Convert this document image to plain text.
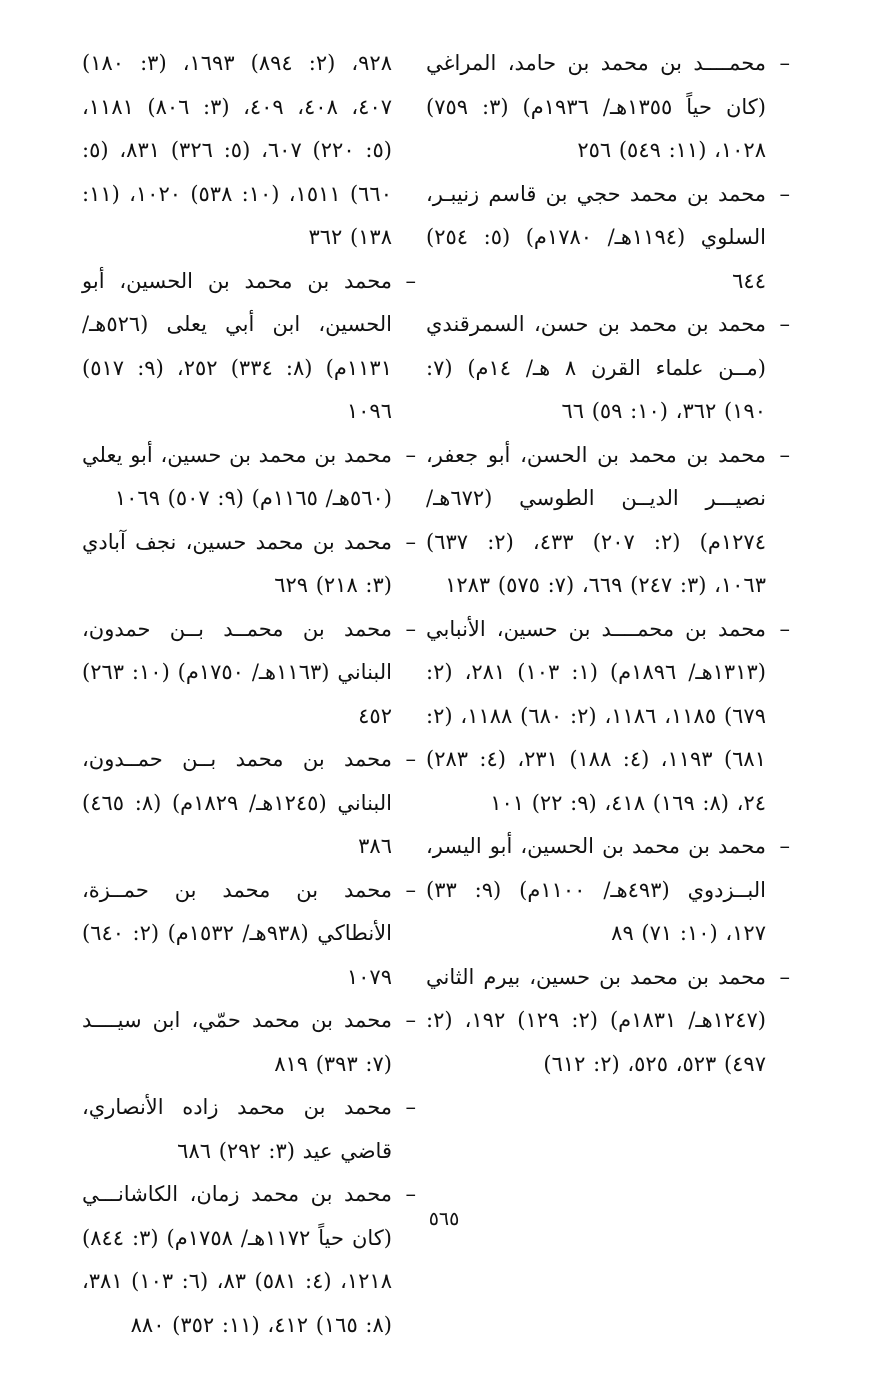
–
محمــــد بن محمد بن حامد، المراغي (كان حياً ١٣٥٥هـ/ ١٩٣٦م) (٣: ٧٥٩) ١٠٢٨، (١١: ٥٤٩) ٢٥٦
–
محمد بن محمد حجي بن قاسم زنيبـر، السلوي (١١٩٤هـ/ ١٧٨٠م) (٥: ٢٥٤) ٦٤٤
–
محمد بن محمد بن حسن، السمرقندي (مــن علماء القرن ٨ هـ/ ١٤م) (٧: ١٩٠) ٣٦٢، (١٠: ٥٩) ٦٦
–
محمد بن محمد بن الحسن، أبو جعفر، نصيـــر الديــن الطوسي (٦٧٢هـ/ ١٢٧٤م) (٢: ٢٠٧) ٤٣٣، (٢: ٦٣٧) ١٠٦٣، (٣: ٢٤٧) ٦٦٩، (٧: ٥٧٥) ١٢٨٣
–
محمد بن محمــــد بن حسين، الأنبابي (١٣١٣هـ/ ١٨٩٦م) (١: ١٠٣) ٢٨١، (٢: ٦٧٩) ١١٨٥، ١١٨٦، (٢: ٦٨٠) ١١٨٨، (٢: ٦٨١) ١١٩٣، (٤: ١٨٨) ٢٣١، (٤: ٢٨٣) ٢٤، (٨: ١٦٩) ٤١٨، (٩: ٢٢) ١٠١
–
محمد بن محمد بن الحسين، أبو اليسر، البــزدوي (٤٩٣هـ/ ١١٠٠م) (٩: ٣٣) ١٢٧، (١٠: ٧١) ٨٩
–
محمد بن محمد بن حسين، بيرم الثاني (١٢٤٧هـ/ ١٨٣١م) (٢: ١٢٩) ١٩٢، (٢: ٤٩٧) ٥٢٣، ٥٢٥، (٢: ٦١٢)
٩٢٨، (٢: ٨٩٤) ١٦٩٣، (٣: ١٨٠) ٤٠٧، ٤٠٨، ٤٠٩، (٣: ٨٠٦) ١١٨١، (٥: ٢٢٠) ٦٠٧، (٥: ٣٢٦) ٨٣١، (٥: ٦٦٠) ١٥١١، (١٠: ٥٣٨) ١٠٢٠، (١١: ١٣٨) ٣٦٢
–
محمد بن محمد بن الحسين، أبو الحسين، ابن أبي يعلى (٥٢٦هـ/ ١١٣١م) (٨: ٣٣٤) ٢٥٢، (٩: ٥١٧) ١٠٩٦
–
محمد بن محمد بن حسين، أبو يعلي (٥٦٠هـ/ ١١٦٥م) (٩: ٥٠٧) ١٠٦٩
–
محمد بن محمد حسين، نجف آبادي (٣: ٢١٨) ٦٢٩
–
محمد بن محمــد بــن حمدون، البناني (١١٦٣هـ/ ١٧٥٠م) (١٠: ٢٦٣) ٤٥٢
–
محمد بن محمد بــن حمــدون، البناني (١٢٤٥هـ/ ١٨٢٩م) (٨: ٤٦٥) ٣٨٦
–
محمد بن محمد بن حمــزة، الأنطاكي (٩٣٨هـ/ ١٥٣٢م) (٢: ٦٤٠) ١٠٧٩
–
محمد بن محمد حمّي، ابن سيــــد (٧: ٣٩٣) ٨١٩
–
محمد بن محمد زاده الأنصاري، قاضي عيد (٣: ٢٩٢) ٦٨٦
–
محمد بن محمد زمان، الكاشانـــي (كان حياً ١١٧٢هـ/ ١٧٥٨م) (٣: ٨٤٤) ١٢١٨، (٤: ٥٨١) ٨٣، (٦: ١٠٣) ٣٨١، (٨: ١٦٥) ٤١٢، (١١: ٣٥٢) ٨٨٠
٥٦٥
